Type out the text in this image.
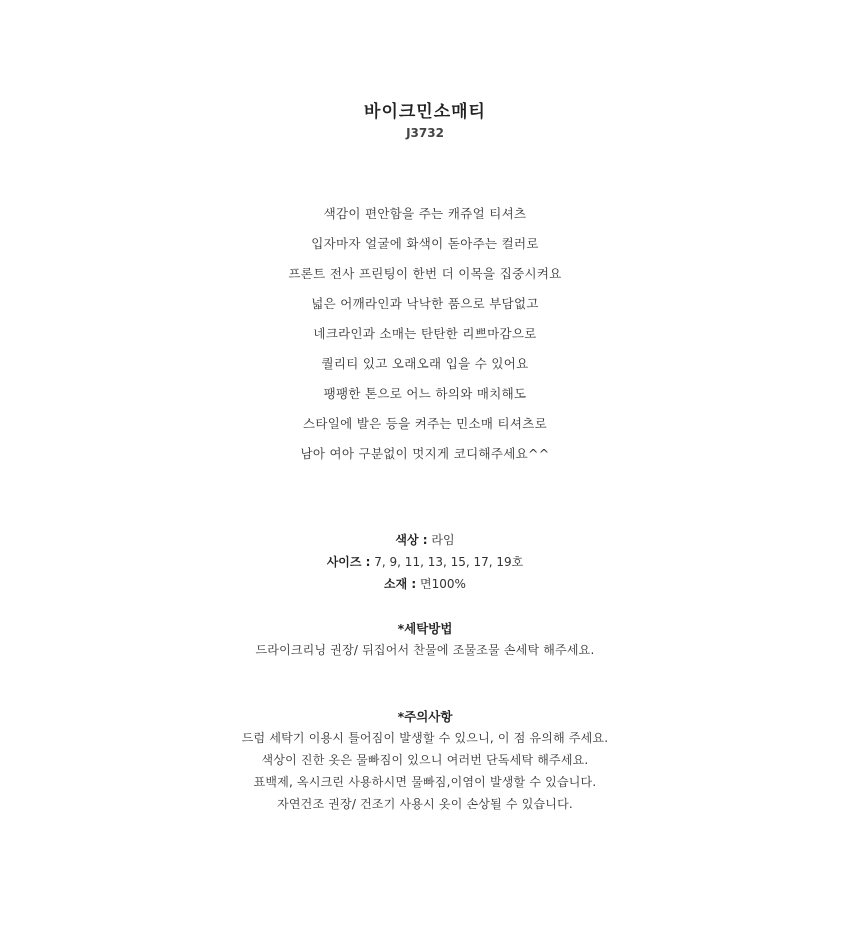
바이크민소매티
J3732
색감이 편안함을 주는 캐쥬얼 티셔츠
입자마자 얼굴에 화색이 돋아주는 컬러로
프론트 전사 프린팅이 한번 더 이목을 집중시켜요
넓은 어깨라인과 낙낙한 품으로 부담없고
네크라인과 소매는 탄탄한 리쁘마감으로
퀄리티 있고 오래오래 입을 수 있어요
팽팽한 톤으로 어느 하의와 매치해도
스타일에 발은 등을 켜주는 민소매 티셔츠로
남아 여아 구분없이 멋지게 코디해주세요^^
색상 : 라임
사이즈 : 7, 9, 11, 13, 15, 17, 19호
소재 : 면100%
*세탁방법
드라이크리닝 권장/ 뒤집어서 찬물에 조물조물 손세탁 해주세요.
*주의사항
드럼 세탁기 이용시 틀어짐이 발생할 수 있으니, 이 점 유의해 주세요.
색상이 진한 옷은 물빠짐이 있으니 여러번 단독세탁 해주세요.
표백제, 옥시크린 사용하시면 물빠짐,이염이 발생할 수 있습니다.
자연건조 권장/ 건조기 사용시 옷이 손상될 수 있습니다.
